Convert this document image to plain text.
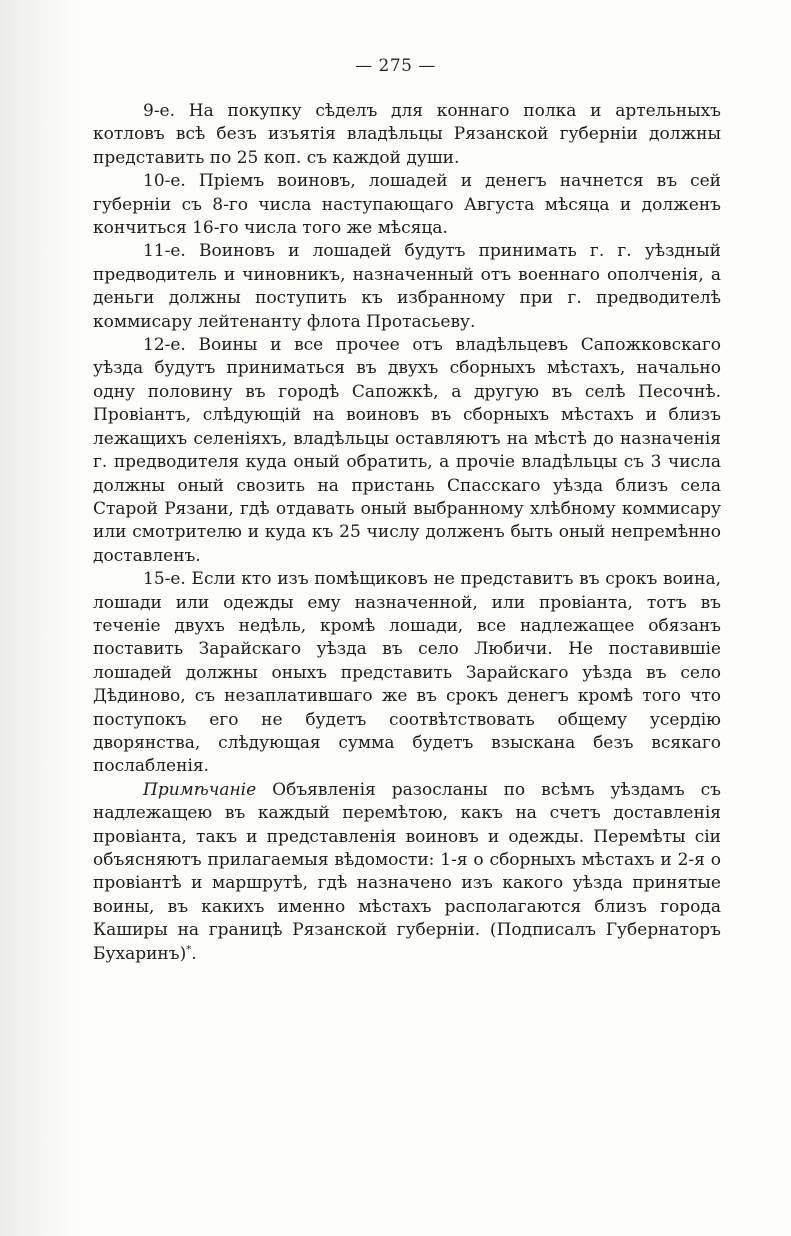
— 275 —

9-е. На покупку сѣделъ для коннаго полка и артельныхъ котловъ всѣ безъ изъятія владѣльцы Рязанской губерніи должны представить по 25 коп. съ каждой души.

10-е. Пріемъ воиновъ, лошадей и денегъ начнется въ сей губерніи съ 8-го числа наступающаго Августа мѣсяца и долженъ кончиться 16-го числа того же мѣсяца.

11-е. Воиновъ и лошадей будутъ принимать г. г. уѣздный предводитель и чиновникъ, назначенный отъ военнаго ополченія, а деньги должны поступить къ избранному при г. предводителѣ коммисару лейтенанту флота Протасьеву.

12-е. Воины и все прочее отъ владѣльцевъ Сапожковскаго уѣзда будутъ приниматься въ двухъ сборныхъ мѣстахъ, начально одну половину въ городѣ Сапожкѣ, а другую въ селѣ Песочнѣ. Провіантъ, слѣдующій на воиновъ въ сборныхъ мѣстахъ и близъ лежащихъ селеніяхъ, владѣльцы оставляютъ на мѣстѣ до назначенія г. предводителя куда оный обратить, а прочіе владѣльцы съ 3 числа должны оный свозить на пристань Спасскаго уѣзда близъ села Старой Рязани, гдѣ отдавать оный выбранному хлѣбному коммисару или смотрителю и куда къ 25 числу долженъ быть оный непремѣнно доставленъ.

15-е. Если кто изъ помѣщиковъ не представитъ въ срокъ воина, лошади или одежды ему назначенной, или провіанта, тотъ въ теченіе двухъ недѣль, кромѣ лошади, все надлежащее обязанъ поставить Зарайскаго уѣзда въ село Любичи. Не поставившіе лошадей должны оныхъ представить Зарайскаго уѣзда въ село Дѣдиново, съ незаплатившаго же въ срокъ денегъ кромѣ того что поступокъ его не будетъ соотвѣтствовать общему усердію дворянства, слѣдующая сумма будетъ взыскана безъ всякаго послабленія.

Примѣчаніе Объявленія разосланы по всѣмъ уѣздамъ съ надлежащею въ каждый перемѣтою, какъ на счетъ доставленія провіанта, такъ и представленія воиновъ и одежды. Перемѣты сіи объясняютъ прилагаемыя вѣдомости: 1-я о сборныхъ мѣстахъ и 2-я о провіантѣ и маршрутѣ, гдѣ назначено изъ какого уѣзда принятые воины, въ какихъ именно мѣстахъ располагаются близъ города Каширы на границѣ Рязанской губерніи. (Подписалъ Губернаторъ Бухаринъ)*.
